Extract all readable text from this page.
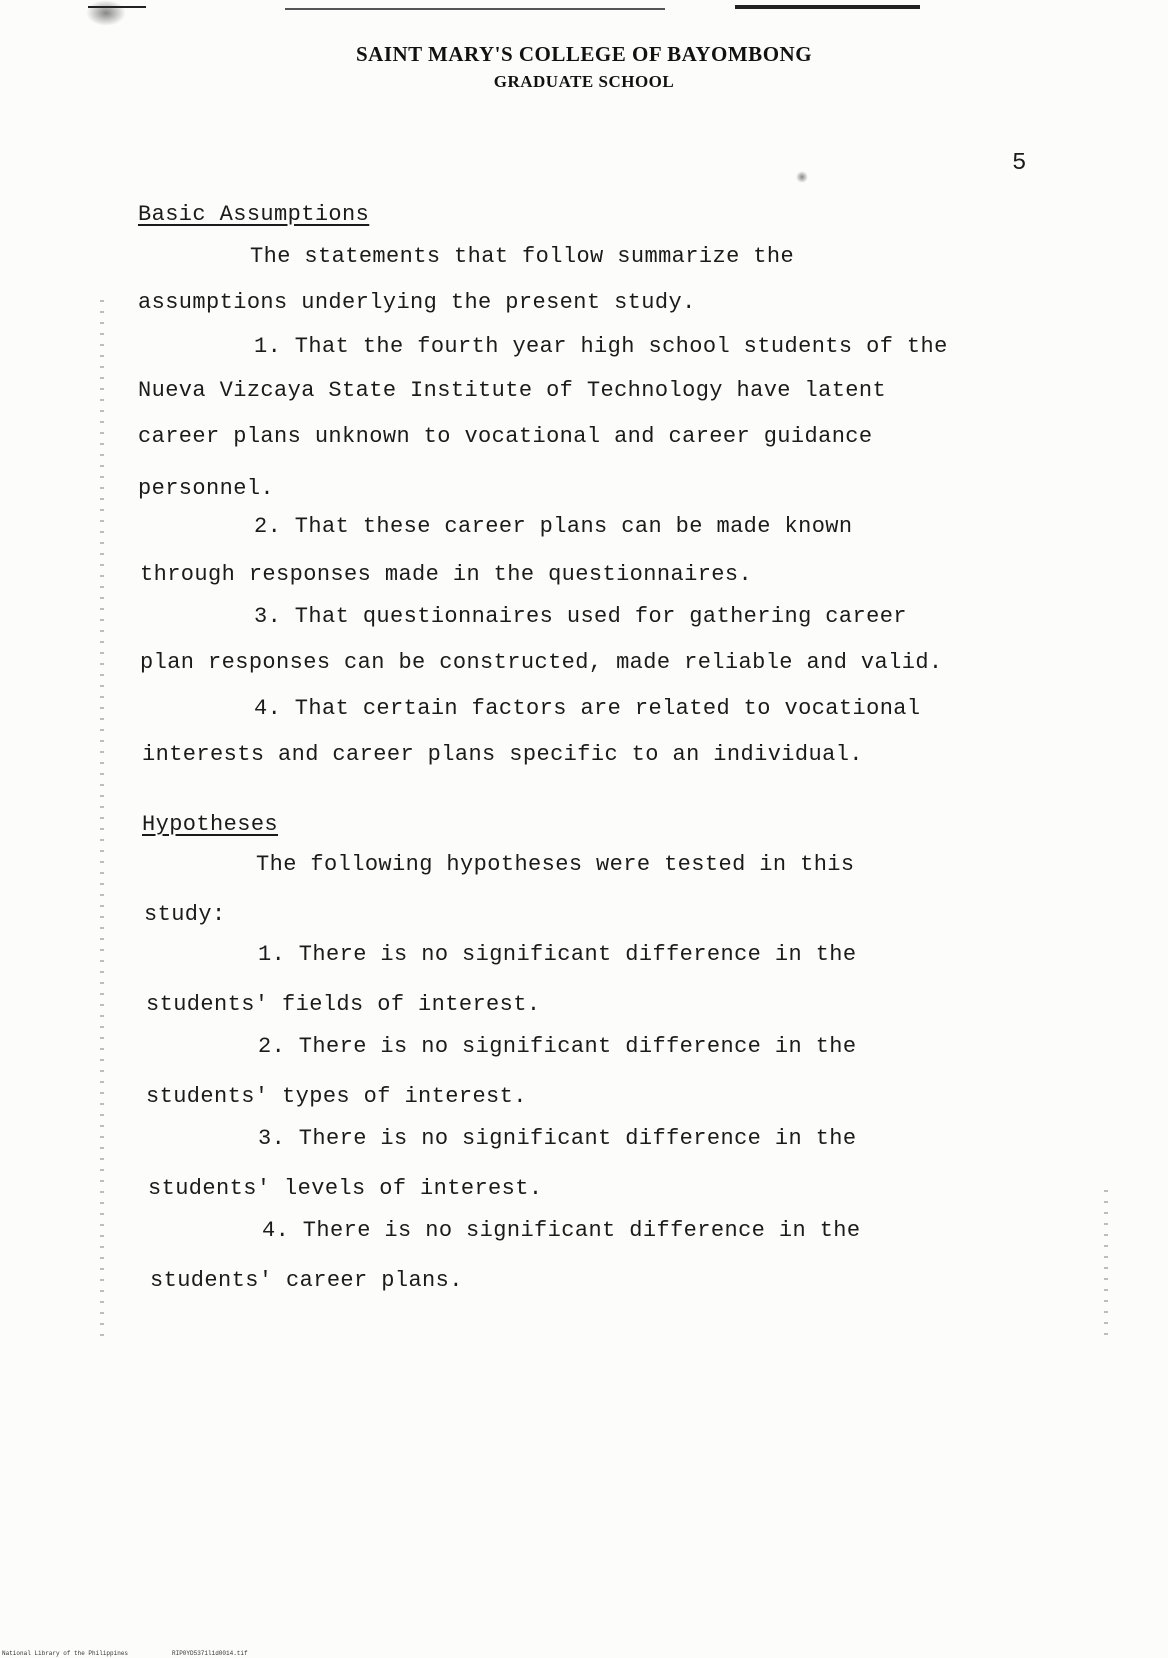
SAINT MARY'S COLLEGE OF BAYOMBONG
GRADUATE SCHOOL
5
Basic Assumptions
The statements that follow summarize the
assumptions underlying the present study.
1. That the fourth year high school students of the
Nueva Vizcaya State Institute of Technology have latent
career plans unknown to vocational and career guidance
personnel.
2. That these career plans can be made known
through responses made in the questionnaires.
3. That questionnaires used for gathering career
plan responses can be constructed, made reliable and valid.
4. That certain factors are related to vocational
interests and career plans specific to an individual.
Hypotheses
The following hypotheses were tested in this
study:
1. There is no significant difference in the
students' fields of interest.
2. There is no significant difference in the
students' types of interest.
3. There is no significant difference in the
students' levels of interest.
4. There is no significant difference in the
students' career plans.
National Library of the Philippines	RIP0YD5371l1d0014.tif
